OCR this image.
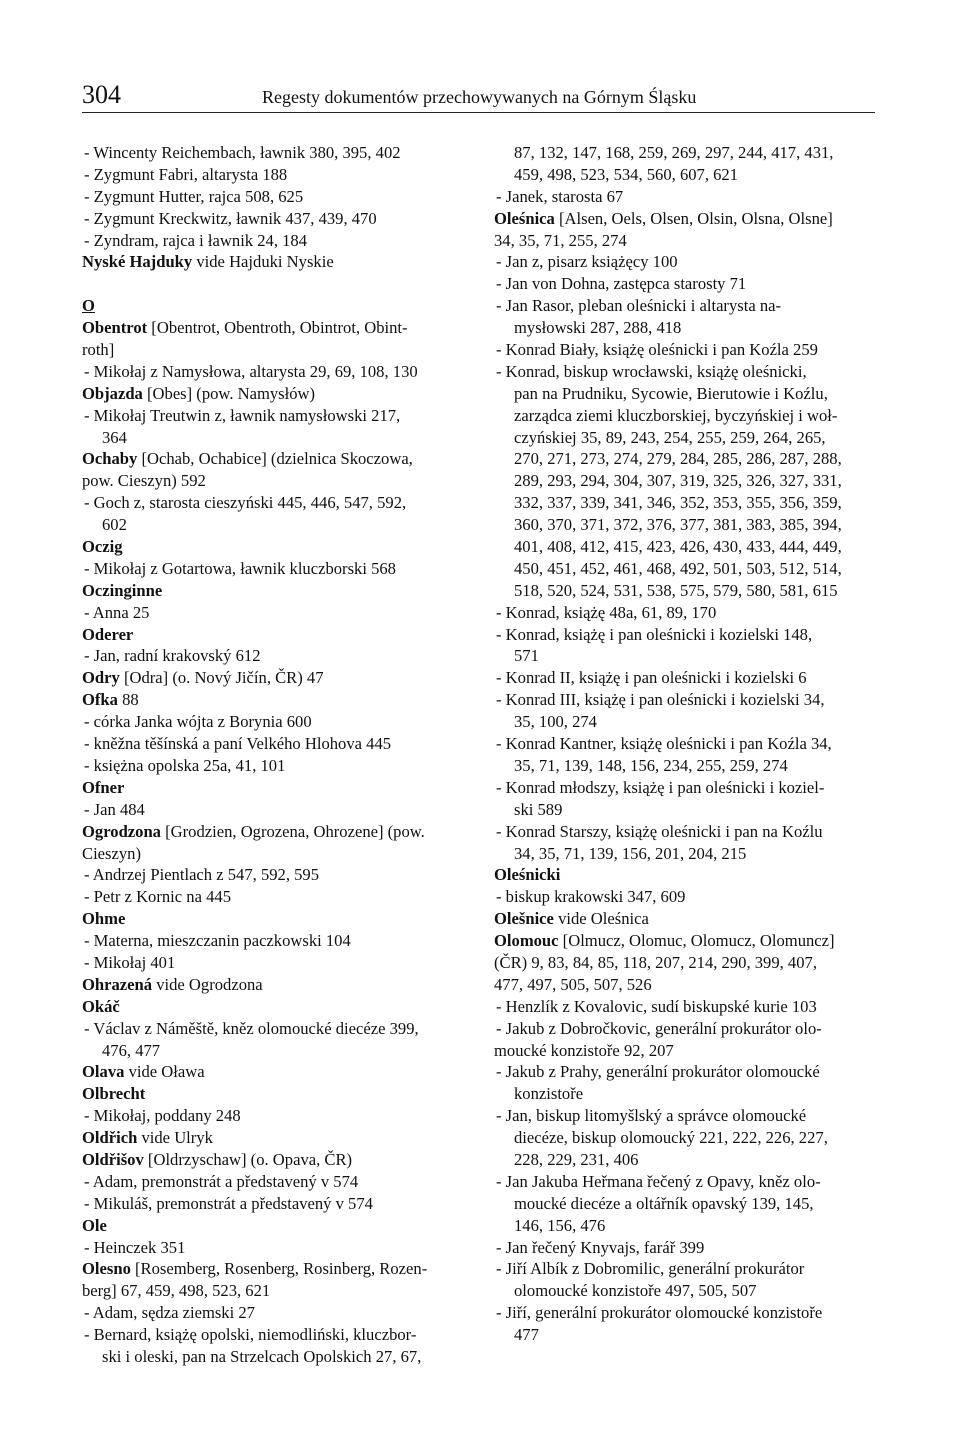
304	Regesty dokumentów przechowywanych na Górnym Śląsku
- Wincenty Reichembach, ławnik 380, 395, 402
- Zygmunt Fabri, altarysta 188
- Zygmunt Hutter, rajca 508, 625
- Zygmunt Kreckwitz, ławnik 437, 439, 470
- Zyndram, rajca i ławnik 24, 184
Nyské Hajduky vide Hajduki Nyskie
O
Obentrot [Obentrot, Obentroth, Obintrot, Obint-
roth]
- Mikołaj z Namysłowa, altarysta 29, 69, 108, 130
Objazda [Obes] (pow. Namysłów)
- Mikołaj Treutwin z, ławnik namysłowski 217,
364
Ochaby [Ochab, Ochabice] (dzielnica Skoczowa,
pow. Cieszyn) 592
- Goch z, starosta cieszyński 445, 446, 547, 592,
602
Oczig
- Mikołaj z Gotartowa, ławnik kluczborski 568
Oczinginne
- Anna 25
Oderer
- Jan, radní krakovský 612
Odry [Odra] (o. Nový Jičín, ČR) 47
Ofka 88
- córka Janka wójta z Borynia 600
- kněžna těšínská a paní Velkého Hlohova 445
- księżna opolska 25a, 41, 101
Ofner
- Jan 484
Ogrodzona [Grodzien, Ogrozena, Ohrozene] (pow.
Cieszyn)
- Andrzej Pientlach z 547, 592, 595
- Petr z Kornic na 445
Ohme
- Materna, mieszczanin paczkowski 104
- Mikołaj 401
Ohrazená vide Ogrodzona
Okáč
- Václav z Náměště, kněz olomoucké diecéze 399,
476, 477
Olava vide Oława
Olbrecht
- Mikołaj, poddany 248
Oldřich vide Ulryk
Oldřišov [Oldrzyschaw] (o. Opava, ČR)
- Adam, premonstrát a představený v 574
- Mikuláš, premonstrát a představený v 574
Ole
- Heinczek 351
Olesno [Rosemberg, Rosenberg, Rosinberg, Rozen-
berg] 67, 459, 498, 523, 621
- Adam, sędza ziemski 27
- Bernard, książę opolski, niemodliński, kluczbor-
ski i oleski, pan na Strzelcach Opolskich 27, 67,
87, 132, 147, 168, 259, 269, 297, 244, 417, 431,
459, 498, 523, 534, 560, 607, 621
- Janek, starosta 67
Oleśnica [Alsen, Oels, Olsen, Olsin, Olsna, Olsne]
34, 35, 71, 255, 274
- Jan z, pisarz książęcy 100
- Jan von Dohna, zastępca starosty 71
- Jan Rasor, pleban oleśnicki i altarysta na-
mysłowski 287, 288, 418
- Konrad Biały, książę oleśnicki i pan Koźla 259
- Konrad, biskup wrocławski, książę oleśnicki,
pan na Prudniku, Sycowie, Bierutowie i Koźlu,
zarządca ziemi kluczborskiej, byczyńskiej i woł-
czyńskiej 35, 89, 243, 254, 255, 259, 264, 265,
270, 271, 273, 274, 279, 284, 285, 286, 287, 288,
289, 293, 294, 304, 307, 319, 325, 326, 327, 331,
332, 337, 339, 341, 346, 352, 353, 355, 356, 359,
360, 370, 371, 372, 376, 377, 381, 383, 385, 394,
401, 408, 412, 415, 423, 426, 430, 433, 444, 449,
450, 451, 452, 461, 468, 492, 501, 503, 512, 514,
518, 520, 524, 531, 538, 575, 579, 580, 581, 615
- Konrad, książę 48a, 61, 89, 170
- Konrad, książę i pan oleśnicki i kozielski 148,
571
- Konrad II, książę i pan oleśnicki i kozielski 6
- Konrad III, książę i pan oleśnicki i kozielski 34,
35, 100, 274
- Konrad Kantner, książę oleśnicki i pan Koźla 34,
35, 71, 139, 148, 156, 234, 255, 259, 274
- Konrad młodszy, książę i pan oleśnicki i koziel-
ski 589
- Konrad Starszy, książę oleśnicki i pan na Koźlu
34, 35, 71, 139, 156, 201, 204, 215
Oleśnicki
- biskup krakowski 347, 609
Olešnice vide Oleśnica
Olomouc [Olmucz, Olomuc, Olomucz, Olomuncz]
(ČR) 9, 83, 84, 85, 118, 207, 214, 290, 399, 407,
477, 497, 505, 507, 526
- Henzlík z Kovalovic, sudí biskupské kurie 103
- Jakub z Dobročkovic, generální prokurátor olo-
moucké konzistoře 92, 207
- Jakub z Prahy, generální prokurátor olomoucké
konzistoře
- Jan, biskup litomyšlský a správce olomoucké
diecéze, biskup olomoucký 221, 222, 226, 227,
228, 229, 231, 406
- Jan Jakuba Heřmana řečený z Opavy, kněz olo-
moucké diecéze a oltářník opavský 139, 145,
146, 156, 476
- Jan řečený Knyvajs, farář 399
- Jiří Albík z Dobromilic, generální prokurátor
olomoucké konzistoře 497, 505, 507
- Jiří, generální prokurátor olomoucké konzistoře
477
